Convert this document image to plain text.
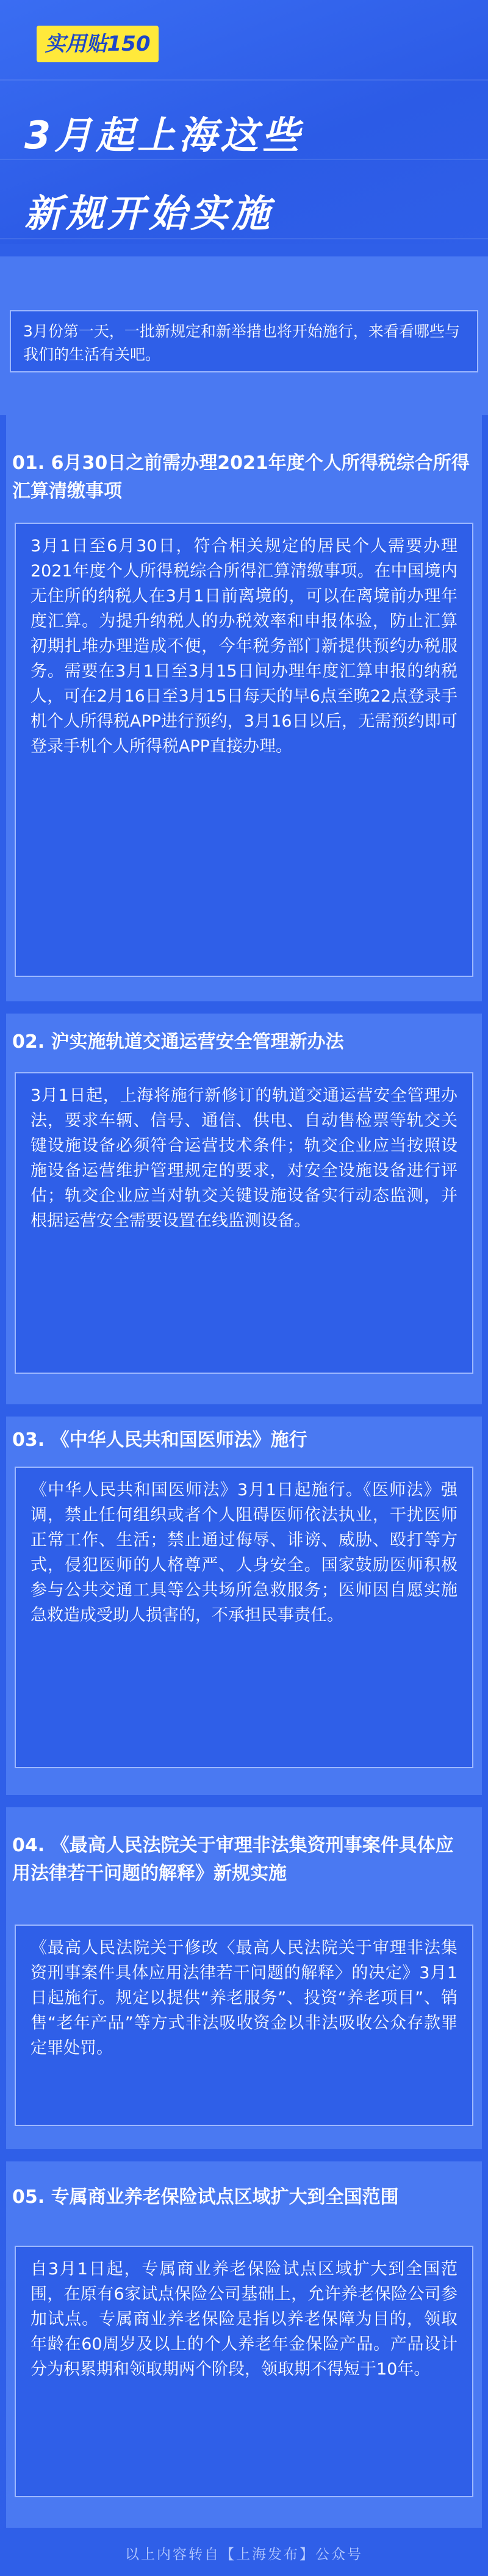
实用贴150
3月起上海这些
新规开始实施
3月份第一天，一批新规定和新举措也将开始施行，来看看哪些与我们的生活有关吧。
01. 6月30日之前需办理2021年度个人所得税综合所得汇算清缴事项
3月1日至6月30日，符合相关规定的居民个人需要办理2021年度个人所得税综合所得汇算清缴事项。在中国境内无住所的纳税人在3月1日前离境的，可以在离境前办理年度汇算。为提升纳税人的办税效率和申报体验，防止汇算初期扎堆办理造成不便，今年税务部门新提供预约办税服务。需要在3月1日至3月15日间办理年度汇算申报的纳税人，可在2月16日至3月15日每天的早6点至晚22点登录手机个人所得税APP进行预约，3月16日以后，无需预约即可登录手机个人所得税APP直接办理。
02. 沪实施轨道交通运营安全管理新办法
3月1日起，上海将施行新修订的轨道交通运营安全管理办法，要求车辆、信号、通信、供电、自动售检票等轨交关键设施设备必须符合运营技术条件；轨交企业应当按照设施设备运营维护管理规定的要求，对安全设施设备进行评估；轨交企业应当对轨交关键设施设备实行动态监测，并根据运营安全需要设置在线监测设备。
03. 《中华人民共和国医师法》施行
《中华人民共和国医师法》3月1日起施行。《医师法》强调，禁止任何组织或者个人阻碍医师依法执业，干扰医师正常工作、生活；禁止通过侮辱、诽谤、威胁、殴打等方式，侵犯医师的人格尊严、人身安全。国家鼓励医师积极参与公共交通工具等公共场所急救服务；医师因自愿实施急救造成受助人损害的，不承担民事责任。
04. 《最高人民法院关于审理非法集资刑事案件具体应用法律若干问题的解释》新规实施
《最高人民法院关于修改〈最高人民法院关于审理非法集资刑事案件具体应用法律若干问题的解释〉的决定》3月1日起施行。规定以提供“养老服务”、投资“养老项目”、销售“老年产品”等方式非法吸收资金以非法吸收公众存款罪定罪处罚。
05. 专属商业养老保险试点区域扩大到全国范围
自3月1日起，专属商业养老保险试点区域扩大到全国范围，在原有6家试点保险公司基础上，允许养老保险公司参加试点。专属商业养老保险是指以养老保障为目的，领取年龄在60周岁及以上的个人养老年金保险产品。产品设计分为积累期和领取期两个阶段，领取期不得短于10年。
以上内容转自【上海发布】公众号
